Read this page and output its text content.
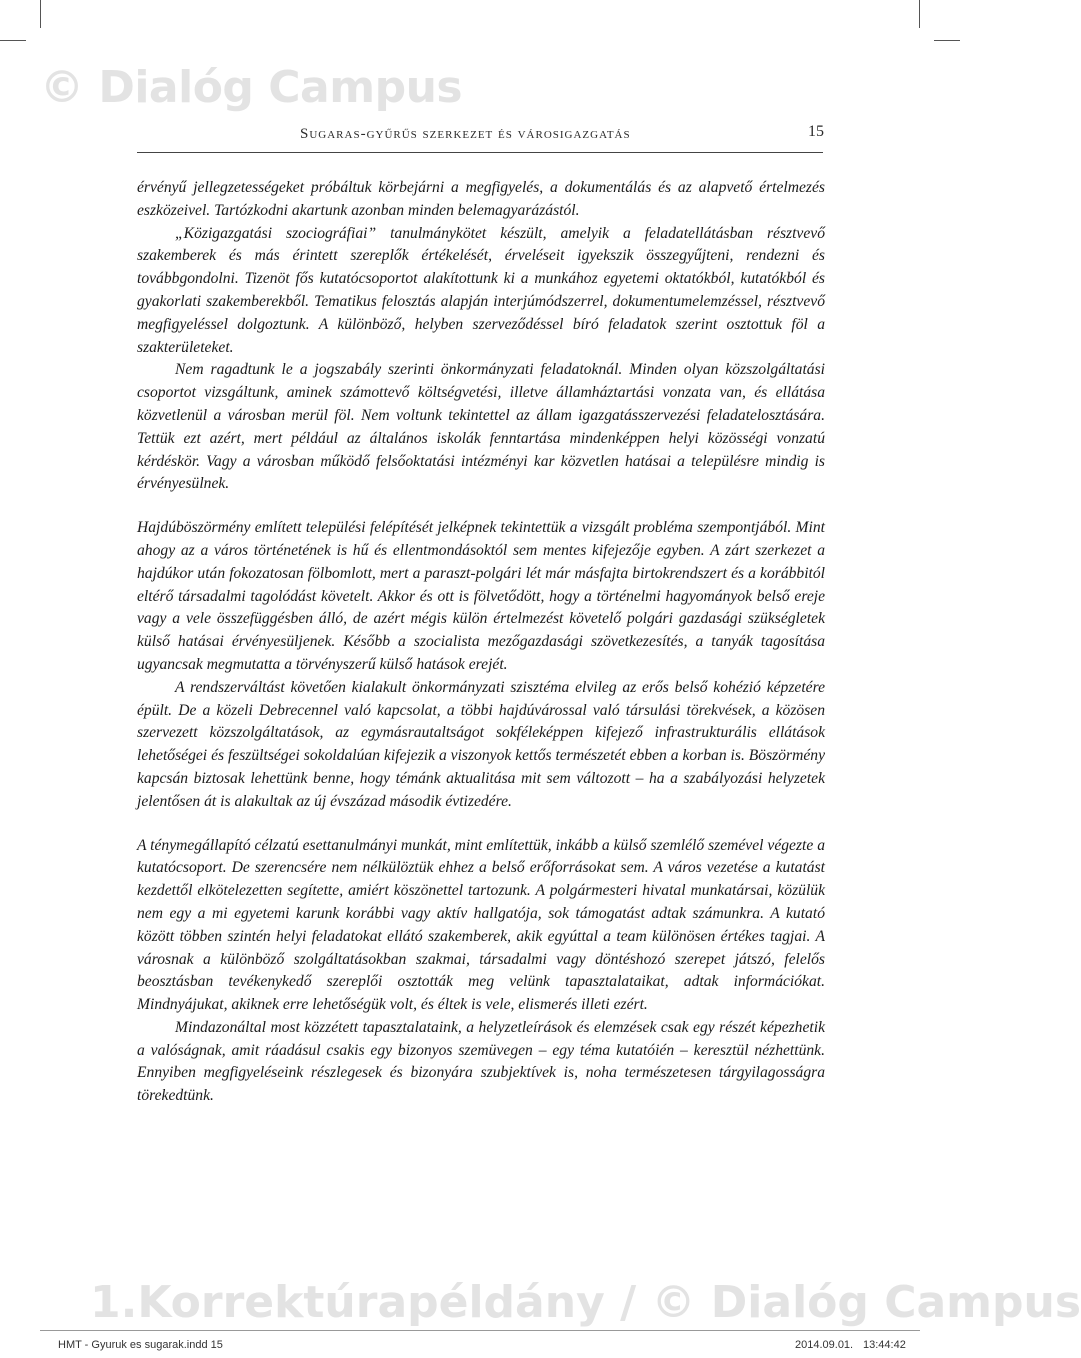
© Dialóg Campus
Sugaras-gyűrűs szerkezet és városigazgatás	15

érvényű jellegzetességeket próbáltuk körbejárni a megfigyelés, a dokumentálás és az alapvető értelmezés eszközeivel. Tartózkodni akartunk azonban minden belemagyarázástól.

„Közigazgatási szociográfiai” tanulmánykötet készült, amelyik a feladatellátásban résztvevő szakemberek és más érintett szereplők értékelését, érveléseit igyekszik összegyűjteni, rendezni és továbbgondolni. Tizenöt fős kutatócsoportot alakítottunk ki a munkához egyetemi oktatókból, kutatókból és gyakorlati szakemberekből. Tematikus felosztás alapján interjúmódszerrel, dokumentumelemzéssel, résztvevő megfigyeléssel dolgoztunk. A különböző, helyben szerveződéssel bíró feladatok szerint osztottuk föl a szakterületeket.

Nem ragadtunk le a jogszabály szerinti önkormányzati feladatoknál. Minden olyan közszolgáltatási csoportot vizsgáltunk, aminek számottevő költségvetési, illetve államháztartási vonzata van, és ellátása közvetlenül a városban merül föl. Nem voltunk tekintettel az állam igazgatásszervezési feladatelosztására. Tettük ezt azért, mert például az általános iskolák fenntartása mindenképpen helyi közösségi vonzatú kérdéskör. Vagy a városban működő felsőoktatási intézményi kar közvetlen hatásai a településre mindig is érvényesülnek.

Hajdúböszörmény említett települési felépítését jelképnek tekintettük a vizsgált probléma szempontjából. Mint ahogy az a város történetének is hű és ellentmondásoktól sem mentes kifejezője egyben. A zárt szerkezet a hajdúkor után fokozatosan fölbomlott, mert a paraszt-polgári lét már másfajta birtokrendszert és a korábbitól eltérő társadalmi tagolódást követelt. Akkor és ott is fölvetődött, hogy a történelmi hagyományok belső ereje vagy a vele összefüggésben álló, de azért mégis külön értelmezést követelő polgári gazdasági szükségletek külső hatásai érvényesüljenek. Később a szocialista mezőgazdasági szövetkezesítés, a tanyák tagosítása ugyancsak megmutatta a törvényszerű külső hatások erejét.

A rendszerváltást követően kialakult önkormányzati szisztéma elvileg az erős belső kohézió képzetére épült. De a közeli Debrecennel való kapcsolat, a többi hajdúvárossal való társulási törekvések, a közösen szervezett közszolgáltatások, az egymásrautaltságot sokféleképpen kifejező infrastrukturális ellátások lehetőségei és feszültségei sokoldalúan kifejezik a viszonyok kettős természetét ebben a korban is. Böszörmény kapcsán biztosak lehettünk benne, hogy témánk aktualitása mit sem változott – ha a szabályozási helyzetek jelentősen át is alakultak az új évszázad második évtizedére.

A ténymegállapító célzatú esettanulmányi munkát, mint említettük, inkább a külső szemlélő szemével végezte a kutatócsoport. De szerencsére nem nélkülöztük ehhez a belső erőforrásokat sem. A város vezetése a kutatást kezdettől elkötelezetten segítette, amiért köszönettel tartozunk. A polgármesteri hivatal munkatársai, közülük nem egy a mi egyetemi karunk korábbi vagy aktív hallgatója, sok támogatást adtak számunkra. A kutató között többen szintén helyi feladatokat ellátó szakemberek, akik egyúttal a team különösen értékes tagjai. A városnak a különböző szolgáltatásokban szakmai, társadalmi vagy döntéshozó szerepet játszó, felelős beosztásban tevékenykedő szereplői osztották meg velünk tapasztalataikat, adtak információkat. Mindnyájukat, akiknek erre lehetőségük volt, és éltek is vele, elismerés illeti ezért.

Mindazonáltal most közzétett tapasztalataink, a helyzetleírások és elemzések csak egy részét képezhetik a valóságnak, amit ráadásul csakis egy bizonyos szemüvegen – egy téma kutatóién – keresztül nézhettünk. Ennyiben megfigyeléseink részlegesek és bizonyára szubjektívek is, noha természetesen tárgyilagosságra törekedtünk.

1.Korrektúrapéldány / © Dialóg Campus
HMT - Gyuruk es sugarak.indd 15	2014.09.01. 13:44:42
